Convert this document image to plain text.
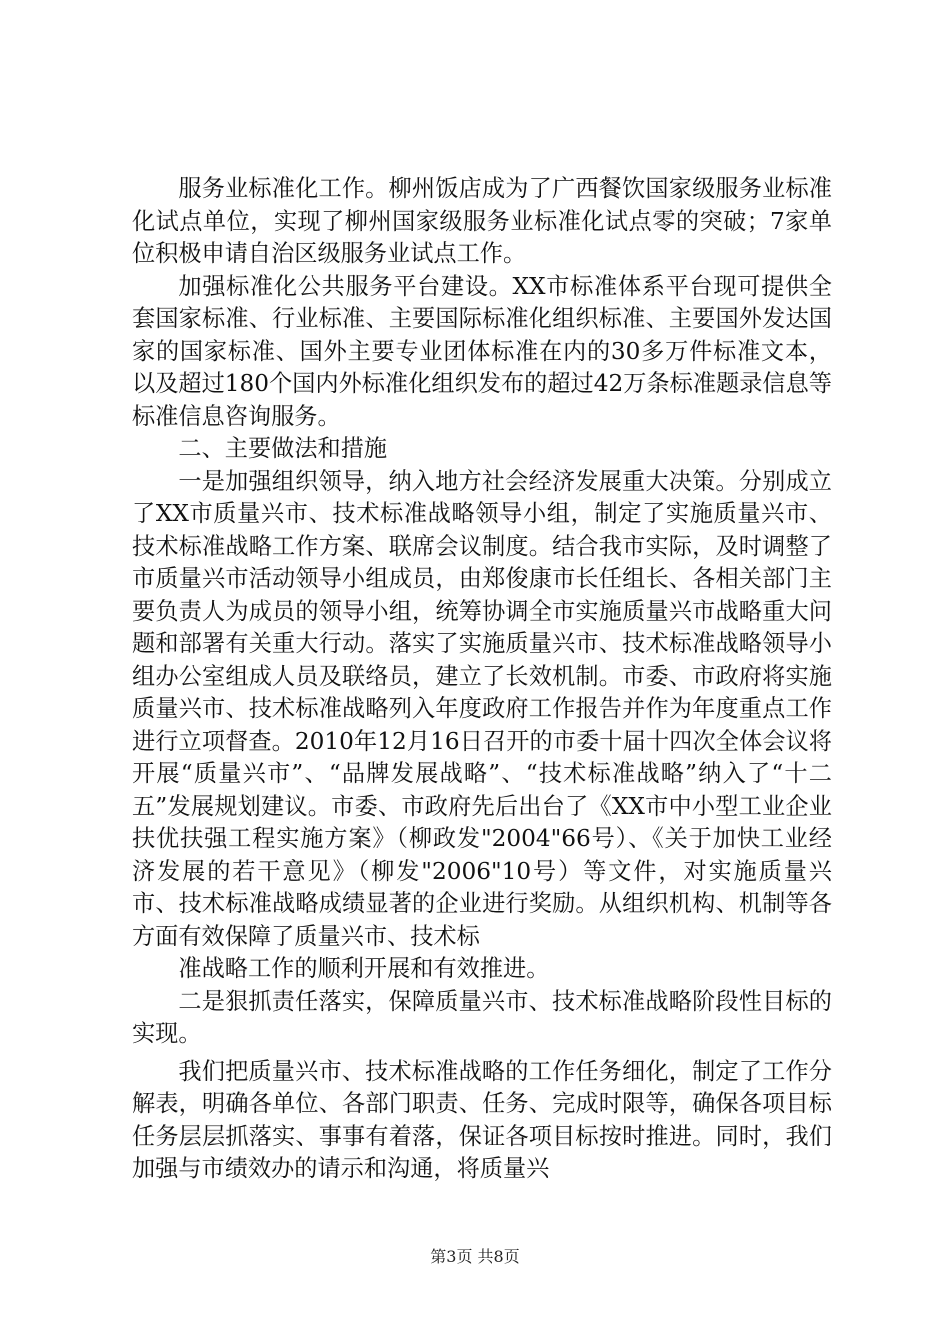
服务业标准化工作。柳州饭店成为了广西餐饮国家级服务业标准化试点单位，实现了柳州国家级服务业标准化试点零的突破；7家单位积极申请自治区级服务业试点工作。

加强标准化公共服务平台建设。XX市标准体系平台现可提供全套国家标准、行业标准、主要国际标准化组织标准、主要国外发达国家的国家标准、国外主要专业团体标准在内的30多万件标准文本，以及超过180个国内外标准化组织发布的超过42万条标准题录信息等标准信息咨询服务。

二、主要做法和措施

一是加强组织领导，纳入地方社会经济发展重大决策。分别成立了XX市质量兴市、技术标准战略领导小组，制定了实施质量兴市、技术标准战略工作方案、联席会议制度。结合我市实际，及时调整了市质量兴市活动领导小组成员，由郑俊康市长任组长、各相关部门主要负责人为成员的领导小组，统筹协调全市实施质量兴市战略重大问题和部署有关重大行动。落实了实施质量兴市、技术标准战略领导小组办公室组成人员及联络员，建立了长效机制。市委、市政府将实施质量兴市、技术标准战略列入年度政府工作报告并作为年度重点工作进行立项督查。2010年12月16日召开的市委十届十四次全体会议将开展“质量兴市”、“品牌发展战略”、“技术标准战略”纳入了“十二五”发展规划建议。市委、市政府先后出台了《XX市中小型工业企业扶优扶强工程实施方案》（柳政发"2004"66号）、《关于加快工业经济发展的若干意见》（柳发"2006"10号）等文件，对实施质量兴市、技术标准战略成绩显著的企业进行奖励。从组织机构、机制等各方面有效保障了质量兴市、技术标

准战略工作的顺利开展和有效推进。

二是狠抓责任落实，保障质量兴市、技术标准战略阶段性目标的实现。

我们把质量兴市、技术标准战略的工作任务细化，制定了工作分解表，明确各单位、各部门职责、任务、完成时限等，确保各项目标任务层层抓落实、事事有着落，保证各项目标按时推进。同时，我们加强与市绩效办的请示和沟通，将质量兴

第3页 共8页
